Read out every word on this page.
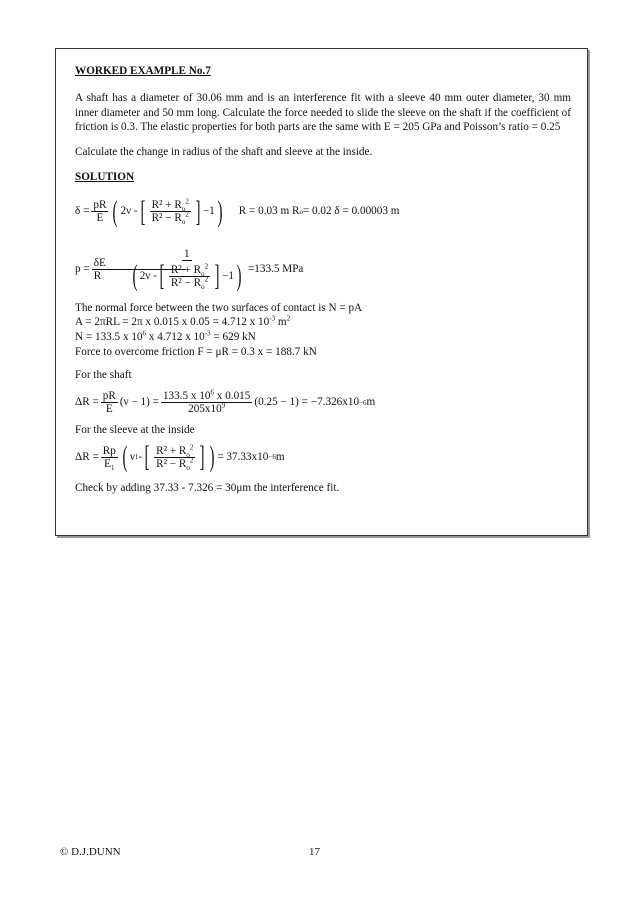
WORKED EXAMPLE No.7

A shaft has a diameter of 30.06 mm and is an interference fit with a sleeve 40 mm outer diameter, 30 mm inner diameter and 50 mm long. Calculate the force needed to slide the sleeve on the shaft if the coefficient of friction is 0.3. The elastic properties for both parts are the same with E = 205 GPa and Poisson’s ratio = 0.25

Calculate the change in radius of the shaft and sleeve at the inside.

SOLUTION
$\delta = \frac{pR}{E}$ ( 2ν - [ $\frac{R^2 + R_o^2}{R^2 - R_o^2}$ ] −1 ) R = 0.03 m R o = 0.02 δ = 0.00003 m
$p = \frac{\delta E}{R}$
1
( 2ν - [ $\frac{R^2 + R_o^2}{R^2 - R_o^2}$ ] −1 ) =133.5 MPa
The normal force between the two surfaces of contact is N = pA
A = 2πRL = 2π x 0.015 x 0.05 = 4.712 x $10^{-3}$ $m^2$
N = 133.5 x $10^6$ x 4.712 x $10^{-3} = 629$ kN
Force to overcome friction F = μR = 0.3 x = 188.7 kN
For the shaft
$\Delta R = \frac{pR}{E} (\nu - 1) = \frac{133.5 x 10^6 x 0.015}{205x10^9} (0.25 - 1) = -7.326x10 -6$ m
For the sleeve at the inside
$\Delta R = \frac{Rp}{E_1}$ ( ν 1 - [ $\frac{R^2 + R_o^2}{R^2 - R_o^2}$ ] ) = 37.33x10 −6 m
Check by adding 37.33 - 7.326 = 30μm the interference fit.
© D.J.DUNN	17
